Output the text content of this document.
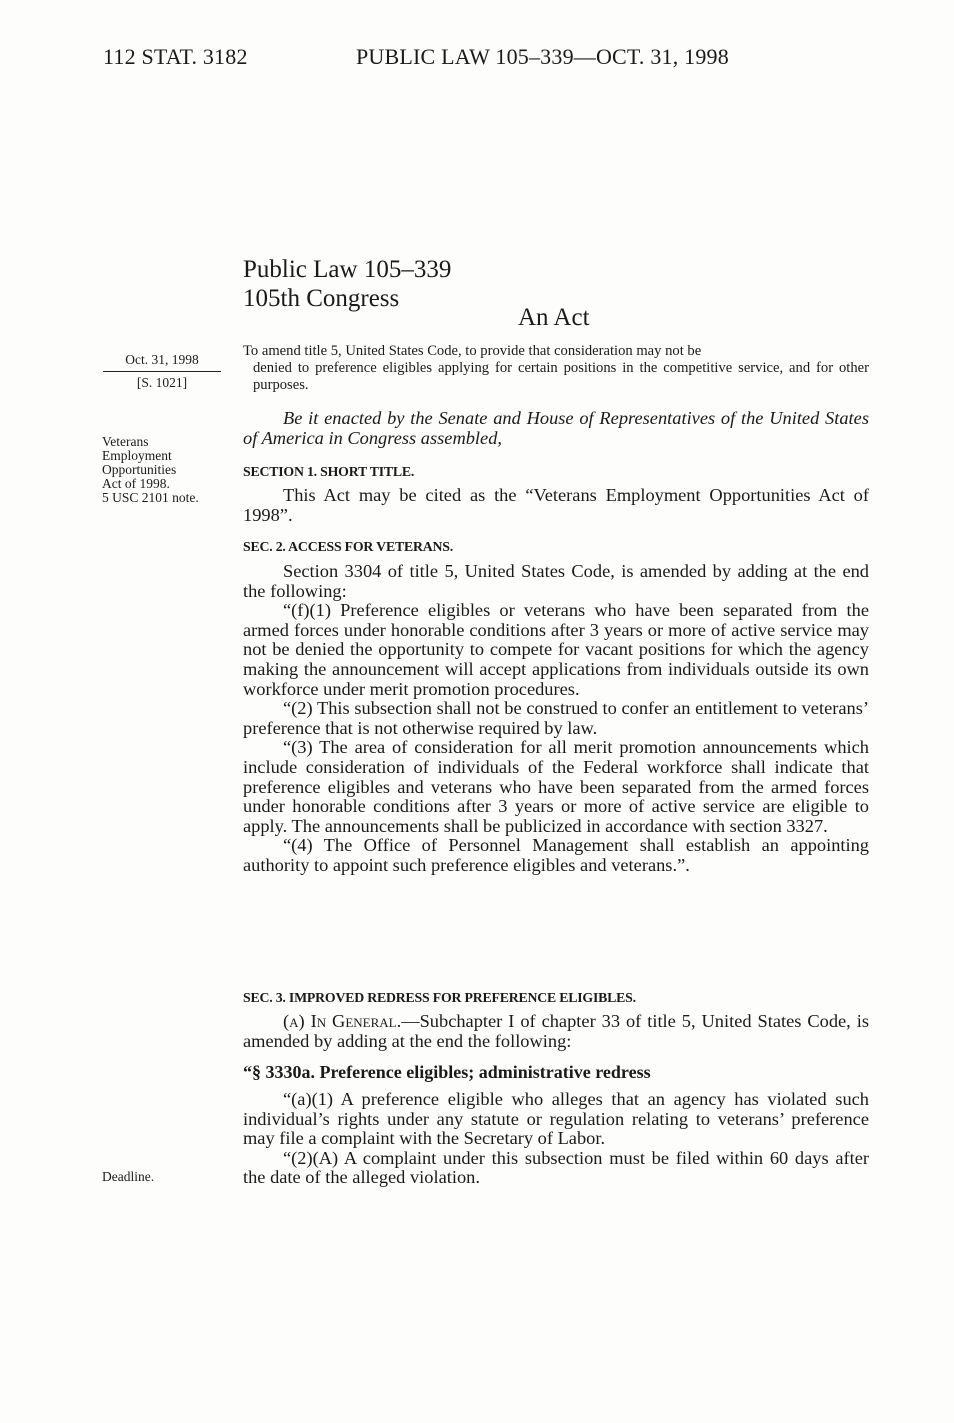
112 STAT. 3182	PUBLIC LAW 105–339—OCT. 31, 1998
Public Law 105–339
105th Congress
An Act
Oct. 31, 1998
[S. 1021]
To amend title 5, United States Code, to provide that consideration may not be
denied to preference eligibles applying for certain positions in the competitive service, and for other purposes.
Veterans
Employment
Opportunities
Act of 1998.
5 USC 2101 note.
Deadline.
Be it enacted by the Senate and House of Representatives of the United States of America in Congress assembled,
SECTION 1. SHORT TITLE.
This Act may be cited as the “Veterans Employment Opportunities Act of 1998”.
SEC. 2. ACCESS FOR VETERANS.
Section 3304 of title 5, United States Code, is amended by adding at the end the following:
“(f)(1) Preference eligibles or veterans who have been separated from the armed forces under honorable conditions after 3 years or more of active service may not be denied the opportunity to compete for vacant positions for which the agency making the announcement will accept applications from individuals outside its own workforce under merit promotion procedures.
“(2) This subsection shall not be construed to confer an entitlement to veterans’ preference that is not otherwise required by law.
“(3) The area of consideration for all merit promotion announcements which include consideration of individuals of the Federal workforce shall indicate that preference eligibles and veterans who have been separated from the armed forces under honorable conditions after 3 years or more of active service are eligible to apply. The announcements shall be publicized in accordance with section 3327.
“(4) The Office of Personnel Management shall establish an appointing authority to appoint such preference eligibles and veterans.”.
SEC. 3. IMPROVED REDRESS FOR PREFERENCE ELIGIBLES.
(a) In General.—Subchapter I of chapter 33 of title 5, United States Code, is amended by adding at the end the following:
“§ 3330a. Preference eligibles; administrative redress
“(a)(1) A preference eligible who alleges that an agency has violated such individual’s rights under any statute or regulation relating to veterans’ preference may file a complaint with the Secretary of Labor.
“(2)(A) A complaint under this subsection must be filed within 60 days after the date of the alleged violation.
